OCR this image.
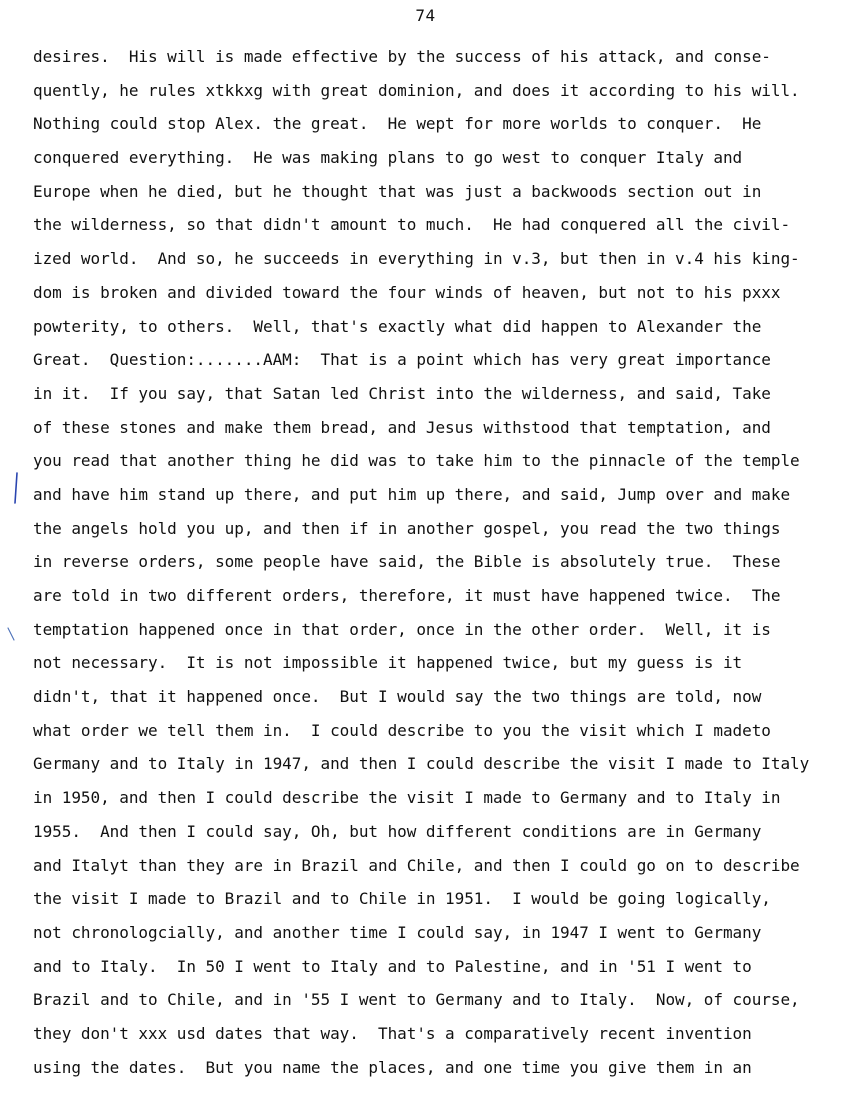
74
desires.  His will is made effective by the success of his attack, and conse-
quently, he rules xtkkxg with great dominion, and does it according to his will.
Nothing could stop Alex. the great.  He wept for more worlds to conquer.  He
conquered everything.  He was making plans to go west to conquer Italy and
Europe when he died, but he thought that was just a backwoods section out in
the wilderness, so that didn't amount to much.  He had conquered all the civil-
ized world.  And so, he succeeds in everything in v.3, but then in v.4 his king-
dom is broken and divided toward the four winds of heaven, but not to his pxxx
powterity, to others.  Well, that's exactly what did happen to Alexander the
Great.  Question:.......AAM:  That is a point which has very great importance
in it.  If you say, that Satan led Christ into the wilderness, and said, Take
of these stones and make them bread, and Jesus withstood that temptation, and
you read that another thing he did was to take him to the pinnacle of the temple
and have him stand up there, and put him up there, and said, Jump over and make
the angels hold you up, and then if in another gospel, you read the two things
in reverse orders, some people have said, the Bible is absolutely true.  These
are told in two different orders, therefore, it must have happened twice.  The
temptation happened once in that order, once in the other order.  Well, it is
not necessary.  It is not impossible it happened twice, but my guess is it
didn't, that it happened once.  But I would say the two things are told, now
what order we tell them in.  I could describe to you the visit which I madeto
Germany and to Italy in 1947, and then I could describe the visit I made to Italy
in 1950, and then I could describe the visit I made to Germany and to Italy in
1955.  And then I could say, Oh, but how different conditions are in Germany
and Italyt than they are in Brazil and Chile, and then I could go on to describe
the visit I made to Brazil and to Chile in 1951.  I would be going logically,
not chronologcially, and another time I could say, in 1947 I went to Germany
and to Italy.  In 50 I went to Italy and to Palestine, and in '51 I went to
Brazil and to Chile, and in '55 I went to Germany and to Italy.  Now, of course,
they don't xxx usd dates that way.  That's a comparatively recent invention
using the dates.  But you name the places, and one time you give them in an
